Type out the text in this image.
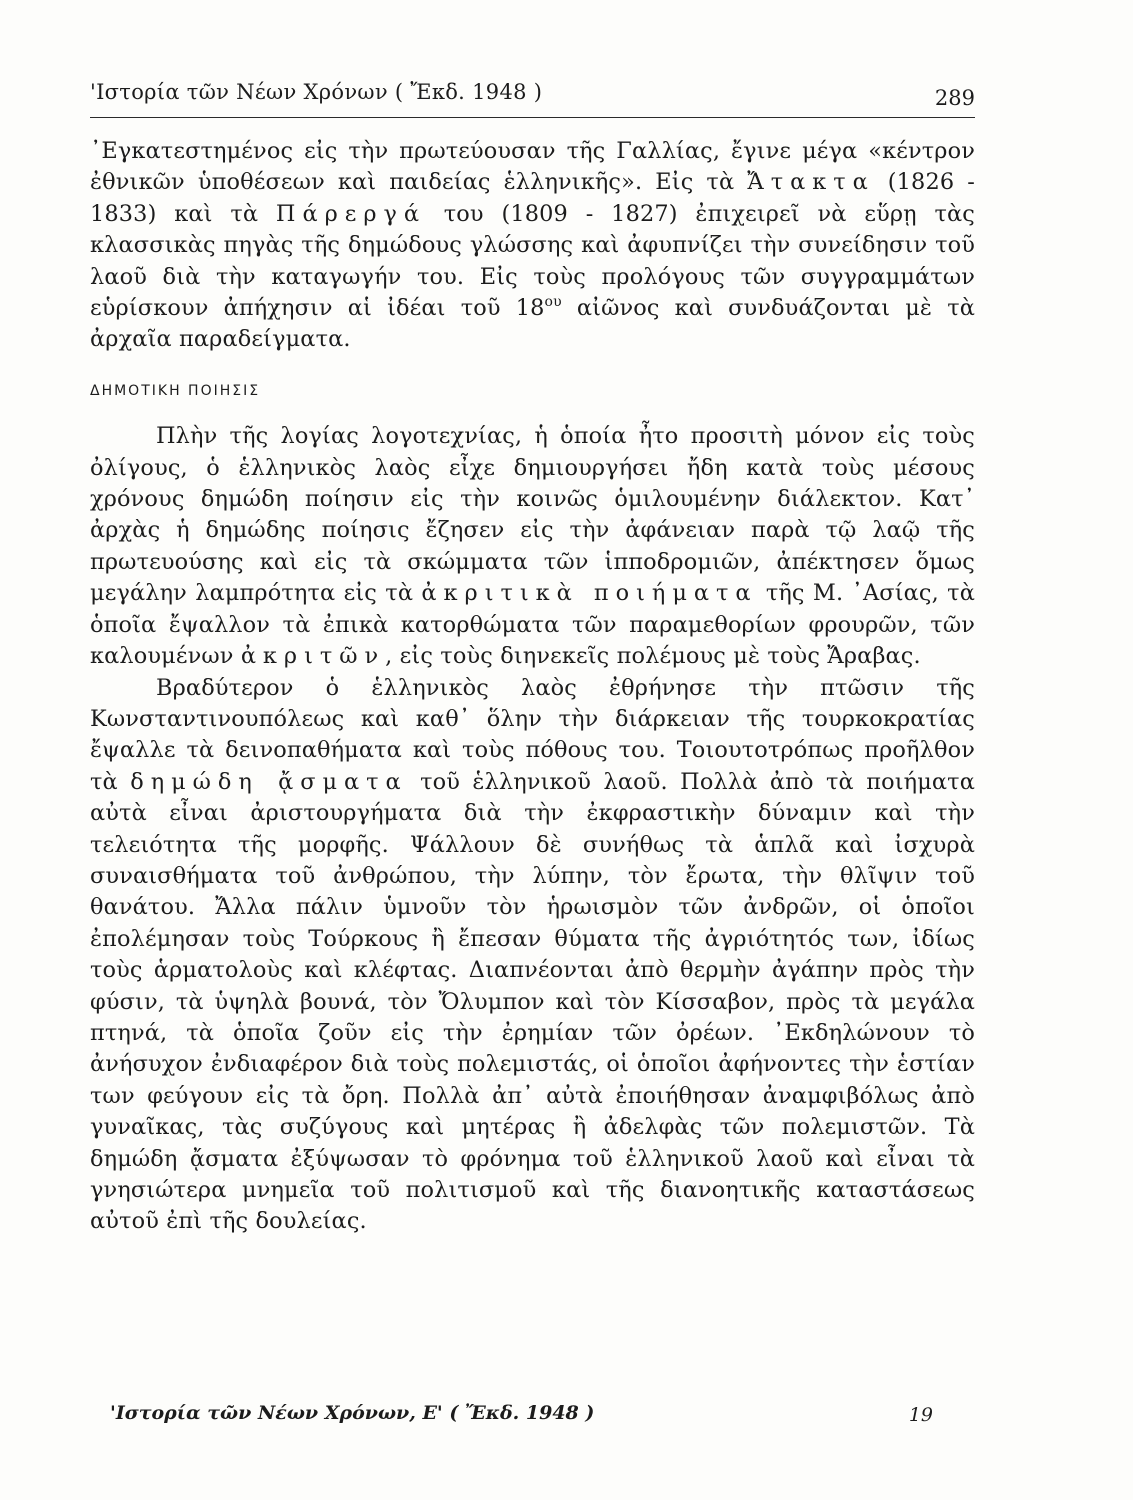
'Ιστορία τῶν Νέων Χρόνων ( Ἔκδ. 1948 )	289

᾿Εγκατεστημένος εἰς τὴν πρωτεύουσαν τῆς Γαλλίας, ἔγινε μέγα «κέντρον ἐθνικῶν ὑποθέσεων καὶ παιδείας ἑλληνικῆς». Εἰς τὰ Ἄτακτα (1826 - 1833) καὶ τὰ Πάρεργά του (1809 - 1827) ἐπιχειρεῖ νὰ εὕρῃ τὰς κλασσικὰς πηγὰς τῆς δημώδους γλώσσης καὶ ἀφυπνίζει τὴν συνείδησιν τοῦ λαοῦ διὰ τὴν καταγωγήν του. Εἰς τοὺς προλόγους τῶν συγγραμμάτων εὑρίσκουν ἀπήχησιν αἱ ἰδέαι τοῦ $18^{o\upsilon}$ αἰῶνος καὶ συνδυάζονται μὲ τὰ ἀρχαῖα παραδείγματα.

ΔΗΜΟΤΙΚΗ ΠΟΙΗΣΙΣ

Πλὴν τῆς λογίας λογοτεχνίας, ἡ ὁποία ἦτο προσιτὴ μόνον εἰς τοὺς ὀλίγους, ὁ ἑλληνικὸς λαὸς εἶχε δημιουργήσει ἤδη κατὰ τοὺς μέσους χρόνους δημώδη ποίησιν εἰς τὴν κοινῶς ὁμιλουμένην διάλεκτον. Κατ᾿ ἀρχὰς ἡ δημώδης ποίησις ἔζησεν εἰς τὴν ἀφάνειαν παρὰ τῷ λαῷ τῆς πρωτευούσης καὶ εἰς τὰ σκώμματα τῶν ἱπποδρομιῶν, ἀπέκτησεν ὅμως μεγάλην λαμπρότητα εἰς τὰ ἀκριτικὰ ποιήματα τῆς Μ. ᾿Ασίας, τὰ ὁποῖα ἔψαλλον τὰ ἐπικὰ κατορθώματα τῶν παραμεθορίων φρουρῶν, τῶν καλουμένων ἀκριτῶν, εἰς τοὺς διηνεκεῖς πολέμους μὲ τοὺς Ἄραβας.

Βραδύτερον ὁ ἑλληνικὸς λαὸς ἐθρήνησε τὴν πτῶσιν τῆς Κωνσταντινουπόλεως καὶ καθ᾿ ὅλην τὴν διάρκειαν τῆς τουρκοκρατίας ἔψαλλε τὰ δεινοπαθήματα καὶ τοὺς πόθους του. Τοιουτοτρόπως προῆλθον τὰ δημώδη ᾄσματα τοῦ ἑλληνικοῦ λαοῦ. Πολλὰ ἀπὸ τὰ ποιήματα αὐτὰ εἶναι ἀριστουργήματα διὰ τὴν ἐκφραστικὴν δύναμιν καὶ τὴν τελειότητα τῆς μορφῆς. Ψάλλουν δὲ συνήθως τὰ ἁπλᾶ καὶ ἰσχυρὰ συναισθήματα τοῦ ἀνθρώπου, τὴν λύπην, τὸν ἔρωτα, τὴν θλῖψιν τοῦ θανάτου. Ἄλλα πάλιν ὑμνοῦν τὸν ἡρωισμὸν τῶν ἀνδρῶν, οἱ ὁποῖοι ἐπολέμησαν τοὺς Τούρκους ἢ ἔπεσαν θύματα τῆς ἀγριότητός των, ἰδίως τοὺς ἁρματολοὺς καὶ κλέφτας. Διαπνέονται ἀπὸ θερμὴν ἀγάπην πρὸς τὴν φύσιν, τὰ ὑψηλὰ βουνά, τὸν Ὄλυμπον καὶ τὸν Κίσσαβον, πρὸς τὰ μεγάλα πτηνά, τὰ ὁποῖα ζοῦν εἰς τὴν ἐρημίαν τῶν ὀρέων. ᾿Εκδηλώνουν τὸ ἀνήσυχον ἐνδιαφέρον διὰ τοὺς πολεμιστάς, οἱ ὁποῖοι ἀφήνοντες τὴν ἑστίαν των φεύγουν εἰς τὰ ὄρη. Πολλὰ ἀπ᾿ αὐτὰ ἐποιήθησαν ἀναμφιβόλως ἀπὸ γυναῖκας, τὰς συζύγους καὶ μητέρας ἢ ἀδελφὰς τῶν πολεμιστῶν. Τὰ δημώδη ᾄσματα ἐξύψωσαν τὸ φρόνημα τοῦ ἑλληνικοῦ λαοῦ καὶ εἶναι τὰ γνησιώτερα μνημεῖα τοῦ πολιτισμοῦ καὶ τῆς διανοητικῆς καταστάσεως αὐτοῦ ἐπὶ τῆς δουλείας.

'Ιστορία τῶν Νέων Χρόνων, Ε' ( Ἔκδ. 1948 )	19
